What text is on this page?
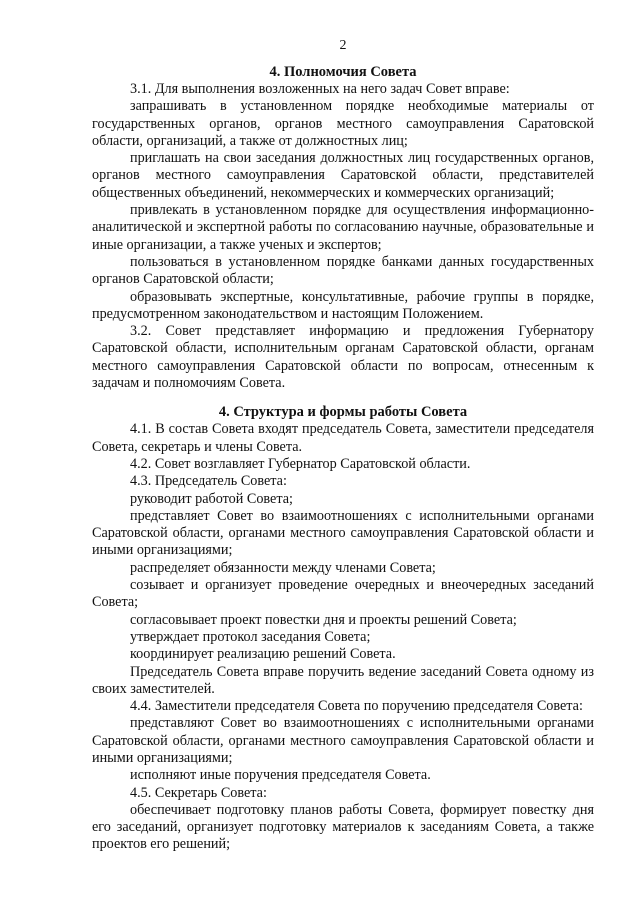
2
4. Полномочия Совета

3.1. Для выполнения возложенных на него задач Совет вправе:

запрашивать в установленном порядке необходимые материалы от государственных органов, органов местного самоуправления Саратовской области, организаций, а также от должностных лиц;

приглашать на свои заседания должностных лиц государственных органов, органов местного самоуправления Саратовской области, представителей общественных объединений, некоммерческих и коммерческих организаций;

привлекать в установленном порядке для осуществления информационно-аналитической и экспертной работы по согласованию научные, образовательные и иные организации, а также ученых и экспертов;

пользоваться в установленном порядке банками данных государственных органов Саратовской области;

образовывать экспертные, консультативные, рабочие группы в порядке, предусмотренном законодательством и настоящим Положением.

3.2. Совет представляет информацию и предложения Губернатору Саратовской области, исполнительным органам Саратовской области, органам местного самоуправления Саратовской области по вопросам, отнесенным к задачам и полномочиям Совета.

4. Структура и формы работы Совета

4.1. В состав Совета входят председатель Совета, заместители председателя Совета, секретарь и члены Совета.

4.2. Совет возглавляет Губернатор Саратовской области.

4.3. Председатель Совета:

руководит работой Совета;

представляет Совет во взаимоотношениях с исполнительными органами Саратовской области, органами местного самоуправления Саратовской области и иными организациями;

распределяет обязанности между членами Совета;

созывает и организует проведение очередных и внеочередных заседаний Совета;

согласовывает проект повестки дня и проекты решений Совета;

утверждает протокол заседания Совета;

координирует реализацию решений Совета.

Председатель Совета вправе поручить ведение заседаний Совета одному из своих заместителей.

4.4. Заместители председателя Совета по поручению председателя Совета:

представляют Совет во взаимоотношениях с исполнительными органами Саратовской области, органами местного самоуправления Саратовской области и иными организациями;

исполняют иные поручения председателя Совета.

4.5. Секретарь Совета:

обеспечивает подготовку планов работы Совета, формирует повестку дня его заседаний, организует подготовку материалов к заседаниям Совета, а также проектов его решений;
